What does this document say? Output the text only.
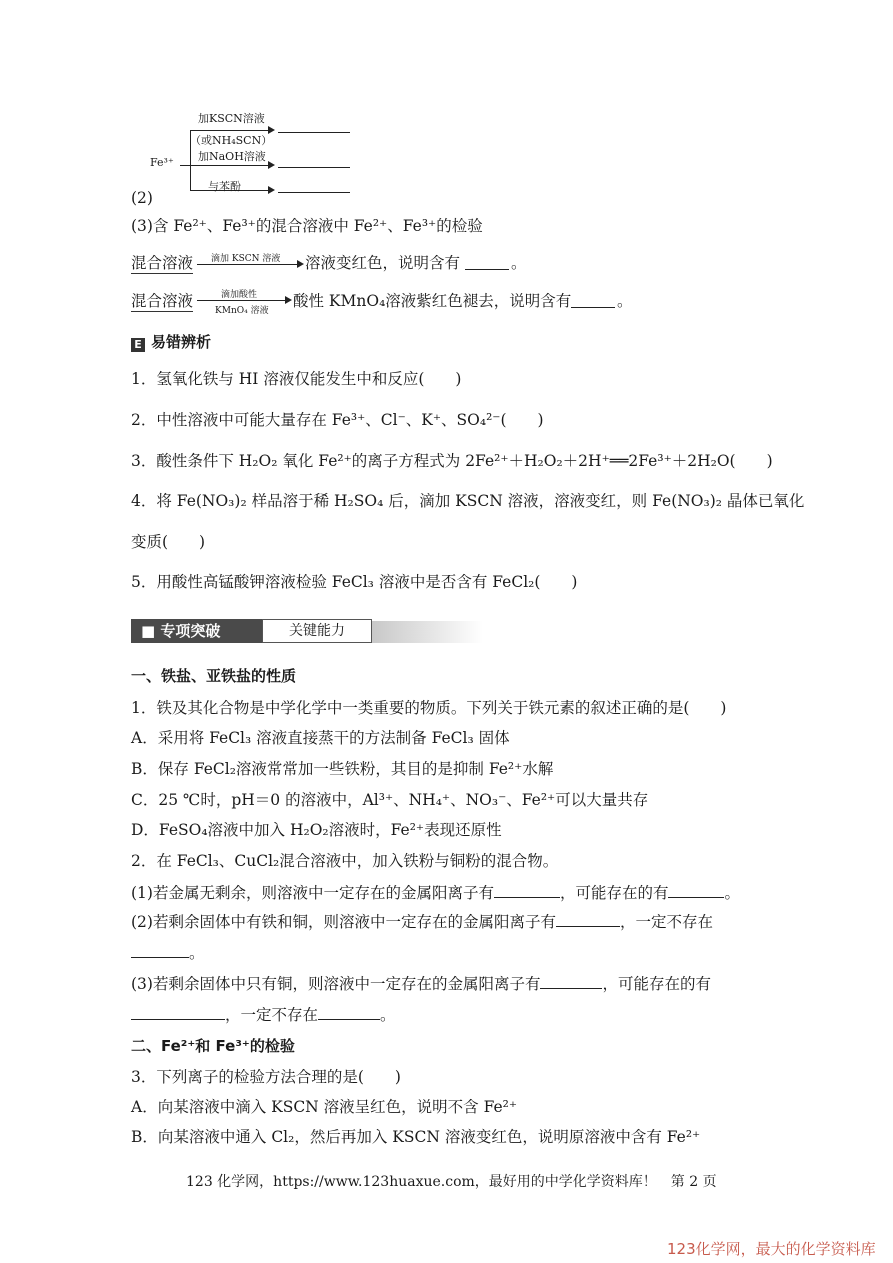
Fe³⁺
加KSCN溶液
（或NH₄SCN）
加NaOH溶液
与苯酚
(2)
(3)含 Fe²⁺、Fe³⁺的混合溶液中 Fe²⁺、Fe³⁺的检验
混合溶液 滴加 KSCN 溶液 溶液变红色，说明含有	。
混合溶液	滴加酸性
KMnO₄ 溶液
酸性 KMnO₄溶液紫红色褪去，说明含有	。
E 易错辨析
1．氢氧化铁与 HI 溶液仅能发生中和反应(　　)
2．中性溶液中可能大量存在 Fe³⁺、Cl⁻、K⁺、SO₄²⁻(　　)
3．酸性条件下 H₂O₂ 氧化 Fe²⁺的离子方程式为 2Fe²⁺＋H₂O₂＋2H⁺══2Fe³⁺＋2H₂O(　　)
4．将 Fe(NO₃)₂ 样品溶于稀 H₂SO₄ 后，滴加 KSCN 溶液，溶液变红，则 Fe(NO₃)₂ 晶体已氧化
变质(　　)
5．用酸性高锰酸钾溶液检验 FeCl₃ 溶液中是否含有 FeCl₂(　　)
■ 专项突破	关键能力
一、铁盐、亚铁盐的性质
1．铁及其化合物是中学化学中一类重要的物质。下列关于铁元素的叙述正确的是(　　)
A．采用将 FeCl₃ 溶液直接蒸干的方法制备 FeCl₃ 固体
B．保存 FeCl₂溶液常常加一些铁粉，其目的是抑制 Fe²⁺水解
C．25 ℃时，pH＝0 的溶液中，Al³⁺、NH₄⁺、NO₃⁻、Fe²⁺可以大量共存
D．FeSO₄溶液中加入 H₂O₂溶液时，Fe²⁺表现还原性
2．在 FeCl₃、CuCl₂混合溶液中，加入铁粉与铜粉的混合物。
(1)若金属无剩余，则溶液中一定存在的金属阳离子有	，可能存在的有	。
(2)若剩余固体中有铁和铜，则溶液中一定存在的金属阳离子有	，一定不存在
。
(3)若剩余固体中只有铜，则溶液中一定存在的金属阳离子有	，可能存在的有
，一定不存在	。
二、Fe²⁺和 Fe³⁺的检验
3．下列离子的检验方法合理的是(　　)
A．向某溶液中滴入 KSCN 溶液呈红色，说明不含 Fe²⁺
B．向某溶液中通入 Cl₂，然后再加入 KSCN 溶液变红色，说明原溶液中含有 Fe²⁺
123 化学网，https://www.123huaxue.com，最好用的中学化学资料库！　第 2 页
123化学网，最大的化学资料库
